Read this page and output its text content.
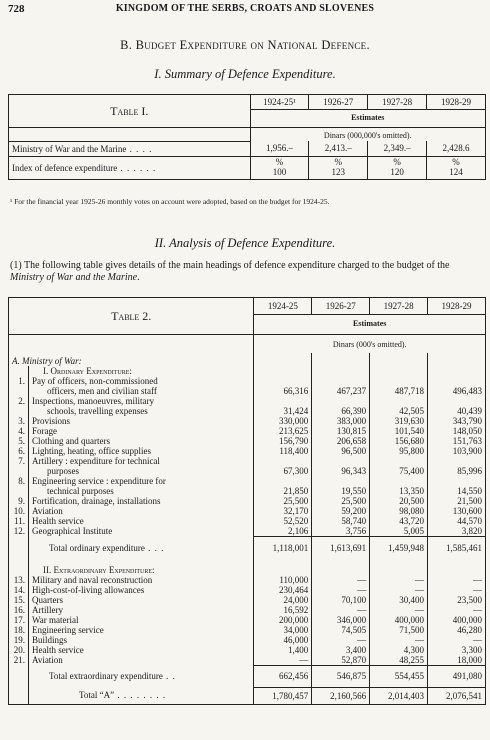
728	KINGDOM OF THE SERBS, CROATS AND SLOVENES
B. Budget Expenditure on National Defence.
I. Summary of Defence Expenditure.
Table I.	1924-25¹	1926-27	1927-28	1928-29
	Estimates			
	Dinars (000,000's omitted).			
Ministry of War and the Marine . . . .	1,956.–	2,413.–	2,349.–	2,428.6
Index of defence expenditure . . . . . .	%	%	%	%
	100	123	120	124
¹ For the financial year 1925-26 monthly votes on account were adopted, based on the budget for 1924-25.
II. Analysis of Defence Expenditure.
(1) The following table gives details of the main headings of defence expenditure charged to the budget of the Ministry of War and the Marine.
Table 2.		1924-25	1926-27	1927-28	1928-29
		Estimates			
		Dinars (000's omitted).			
A. Ministry of War:					
	I. Ordinary Expenditure:				
1.	Pay of officers, non-commissioned				
	officers, men and civilian staff	66,316	467,237	487,718	496,483
2.	Inspections, manoeuvres, military				
	schools, travelling expenses	31,424	66,390	42,505	40,439
3.	Provisions	330,000	383,000	319,630	343,790
4.	Forage	213,625	130,815	101,540	148,050
5.	Clothing and quarters	156,790	206,658	156,680	151,763
6.	Lighting, heating, office supplies	118,400	96,500	95,800	103,900
7.	Artillery : expenditure for technical				
	purposes	67,300	96,343	75,400	85,996
8.	Engineering service : expenditure for				
	technical purposes	21,850	19,550	13,350	14,550
9.	Fortification, drainage, installations	25,500	25,500	20,500	21,500
10.	Aviation	32,170	59,200	98,080	130,600
11.	Health service	52,520	58,740	43,720	44,570
12.	Geographical Institute	2,106	3,756	5,005	3,820
	Total ordinary expenditure . . .	1,118,001	1,613,691	1,459,948	1,585,461
	II. Extraordinary Expenditure:				
13.	Military and naval reconstruction	110,000	—	—	—
14.	High-cost-of-living allowances	230,464	—	—	—
15.	Quarters	24,000	70,100	30,400	23,500
16.	Artillery	16,592	—	—	—
17.	War material	200,000	346,000	400,000	400,000
18.	Engineering service	34,000	74,505	71,500	46,280
19.	Buildings	46,000	—	—	—
20.	Health service	1,400	3,400	4,300	3,300
21.	Aviation	—	52,870	48,255	18,000
	Total extraordinary expenditure . .	662,456	546,875	554,455	491,080
	Total “A” . . . . . . . .	1,780,457	2,160,566	2,014,403	2,076,541
